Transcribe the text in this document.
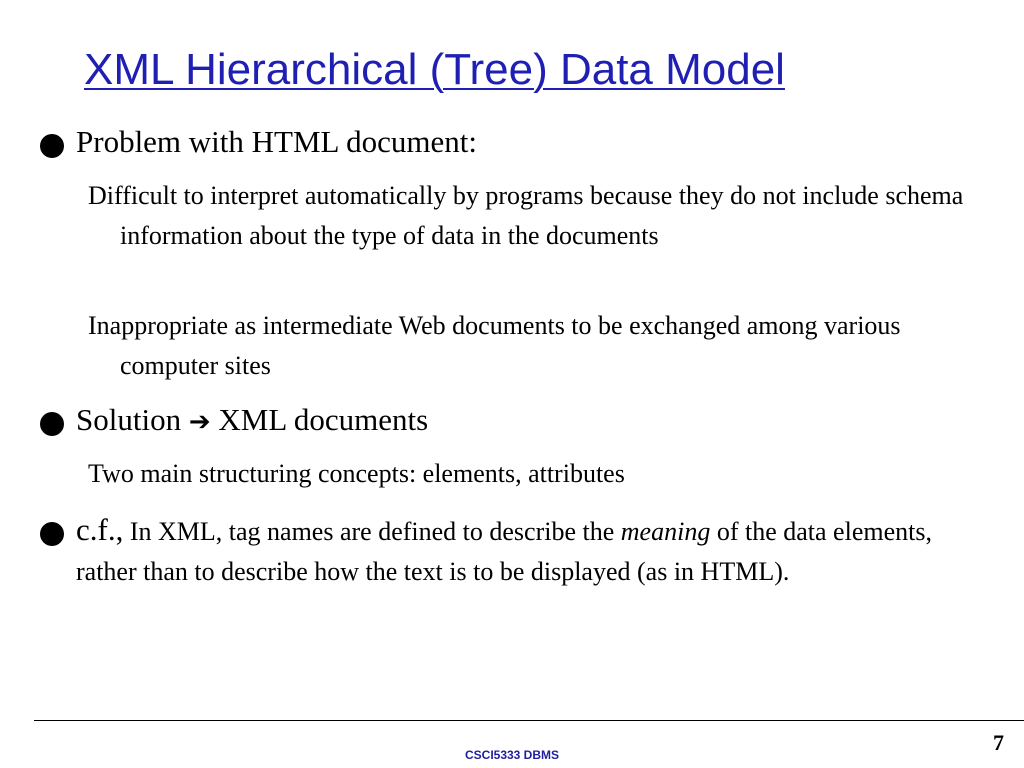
XML Hierarchical (Tree) Data Model
Problem with HTML document:
Difficult to interpret automatically by programs because they do not include schema information about the type of data in the documents
Inappropriate as intermediate Web documents to be exchanged among various computer sites
Solution ➔ XML documents
Two main structuring concepts: elements, attributes
c.f., In XML, tag names are defined to describe the meaning of the data elements, rather than to describe how the text is to be displayed (as in HTML).
CSCI5333 DBMS	7
